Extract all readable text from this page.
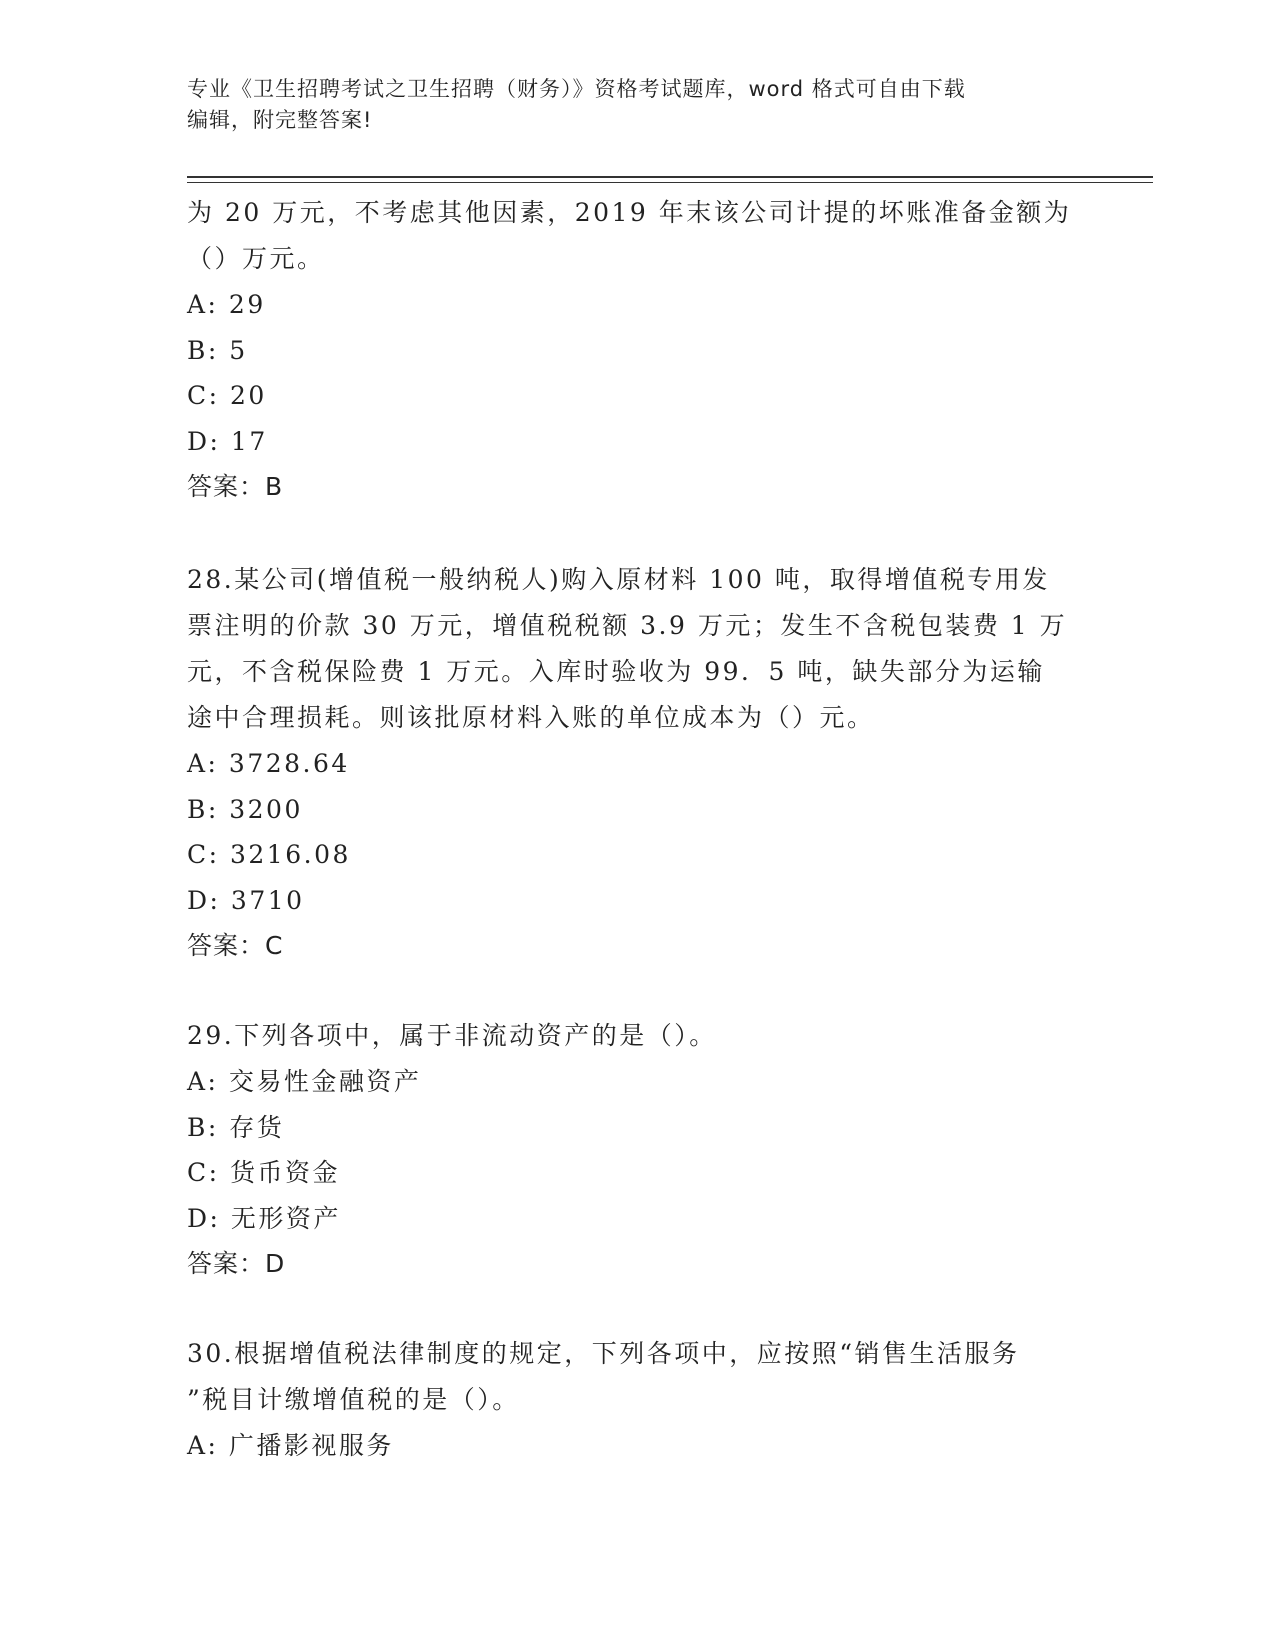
专业《卫生招聘考试之卫生招聘（财务）》资格考试题库，word 格式可自由下载
编辑，附完整答案!

为 20 万元，不考虑其他因素，2019 年末该公司计提的坏账准备金额为

（）万元。

A: 29

B: 5

C: 20

D: 17

答案：B

28.某公司(增值税一般纳税人)购入原材料 100 吨，取得增值税专用发

票注明的价款 30 万元，增值税税额 3.9 万元；发生不含税包装费 1 万

元，不含税保险费 1 万元。入库时验收为 99．5 吨，缺失部分为运输

途中合理损耗。则该批原材料入账的单位成本为（）元。

A: 3728.64

B: 3200

C: 3216.08

D: 3710

答案：C

29.下列各项中，属于非流动资产的是（）。

A: 交易性金融资产

B: 存货

C: 货币资金

D: 无形资产

答案：D

30.根据增值税法律制度的规定，下列各项中，应按照“销售生活服务

”税目计缴增值税的是（）。

A: 广播影视服务
